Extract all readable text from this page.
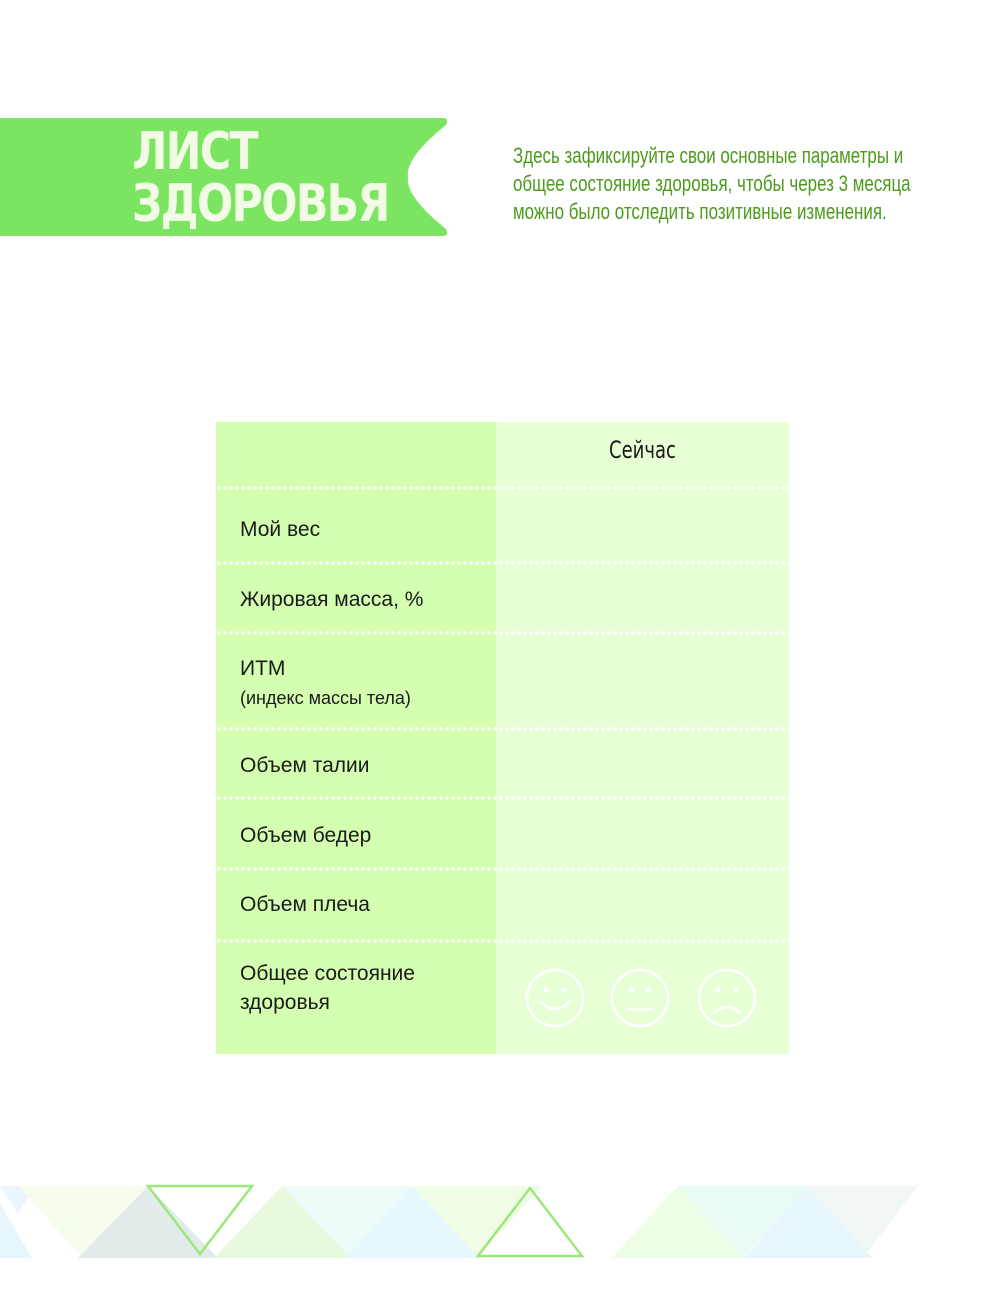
ЛИСТ
ЗДОРОВЬЯ

Здесь зафиксируйте свои основные параметры и
общее состояние здоровья, чтобы через 3 месяца
можно было отследить позитивные изменения.

Сейчас
Мой вес
Жировая масса, %
ИТМ
(индекс массы тела)
Объем талии
Объем бедер
Объем плеча
Общее состояние
здоровья
